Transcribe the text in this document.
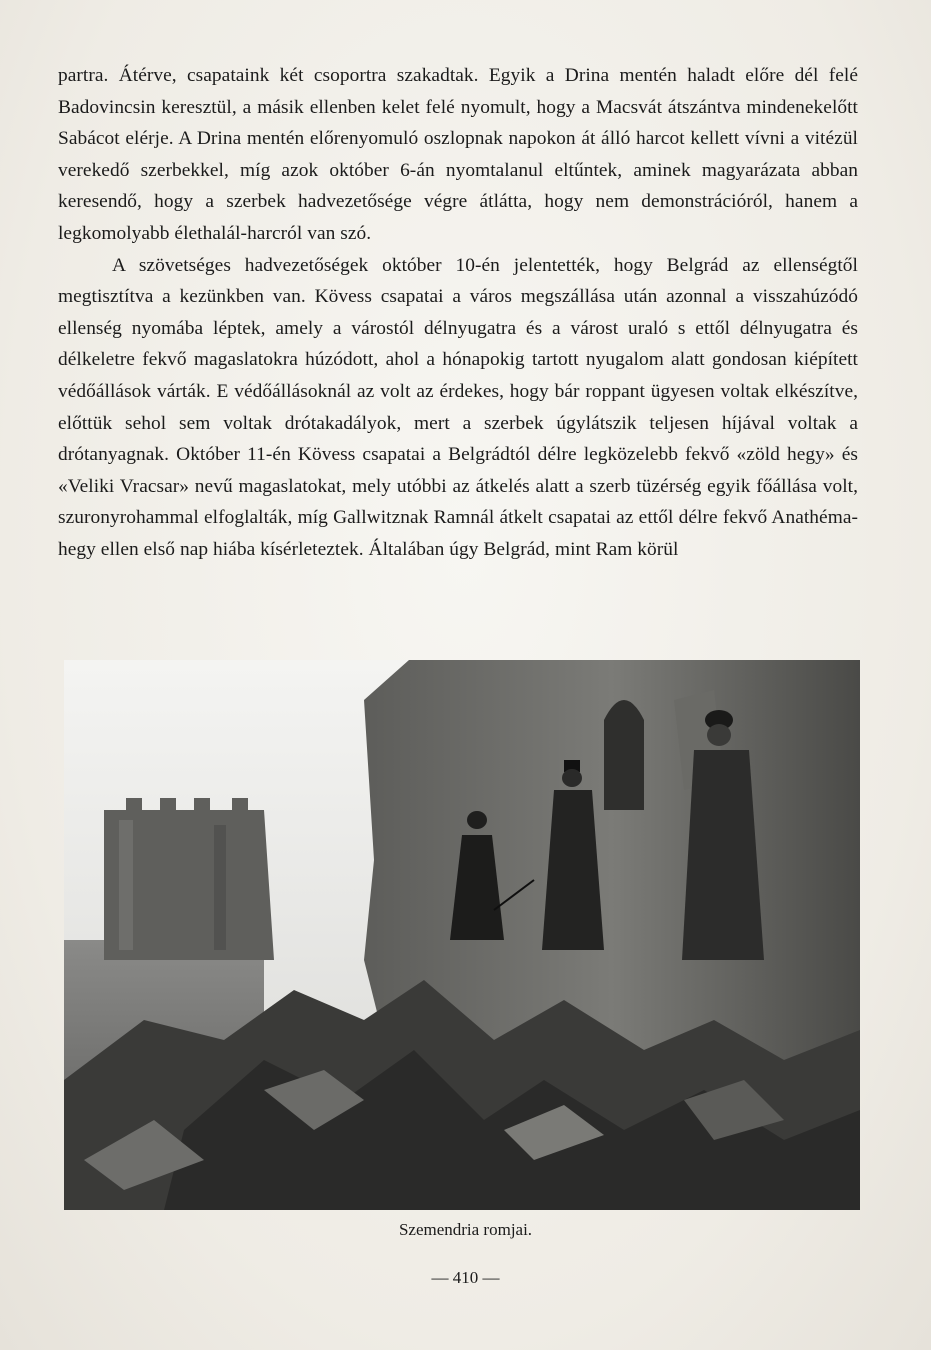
partra. Átérve, csapataink két csoportra szakadtak. Egyik a Drina mentén haladt előre dél felé Badovincsin keresztül, a másik ellenben kelet felé nyomult, hogy a Macsvát átszántva mindenekelőtt Sabácot elérje. A Drina mentén előrenyomuló oszlopnak napokon át álló harcot kellett vívni a vitézül verekedő szerbekkel, míg azok október 6-án nyomtalanul eltűntek, aminek magyarázata abban keresendő, hogy a szerbek hadvezetősége végre átlátta, hogy nem demonstrációról, hanem a legkomolyabb élethalál-harcról van szó.

A szövetséges hadvezetőségek október 10-én jelentették, hogy Belgrád az ellenségtől megtisztítva a kezünkben van. Kövess csapatai a város megszállása után azonnal a visszahúzódó ellenség nyomába léptek, amely a várostól délnyugatra és a várost uraló s ettől délnyugatra és délkeletre fekvő magaslatokra húzódott, ahol a hónapokig tartott nyugalom alatt gondosan kiépített védőállások várták. E védőállásoknál az volt az érdekes, hogy bár roppant ügyesen voltak elkészítve, előttük sehol sem voltak drótakadályok, mert a szerbek úgylátszik teljesen híjával voltak a drótanyagnak. Október 11-én Kövess csapatai a Belgrádtól délre legközelebb fekvő «zöld hegy» és «Veliki Vracsar» nevű magaslatokat, mely utóbbi az átkelés alatt a szerb tüzérség egyik főállása volt, szuronyrohammal elfoglalták, míg Gallwitznak Ramnál átkelt csapatai az ettől délre fekvő Anathéma-hegy ellen első nap hiába kísérleteztek. Általában úgy Belgrád, mint Ram körül

Szemendria romjai.
— 410 —
